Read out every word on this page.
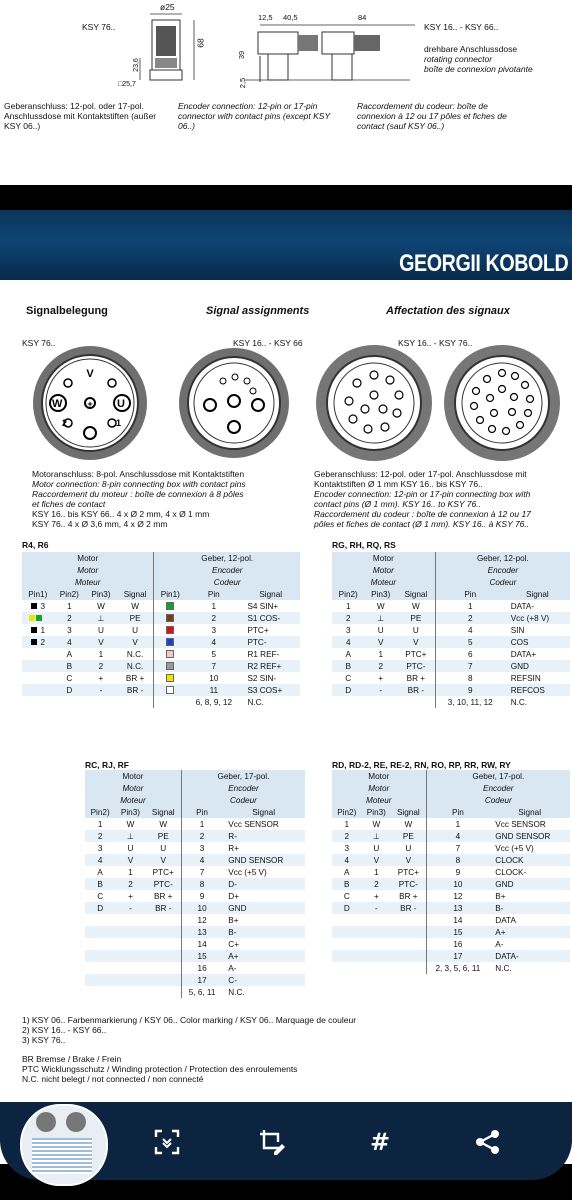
KSY 76..
ø25
68
23,6
□25,7
12,5 40,5	84
39
2,5
KSY 16.. - KSY 66..
drehbare Anschlussdose
rotating connector
boîte de connexion pivotante
Geberanschluss: 12-pol. oder 17-pol. Anschlussdose mit Kontaktstiften (außer KSY 06..)
Encoder connection: 12-pin or 17-pin connector with contact pins (except KSY 06..)
Raccordement du codeur: boîte de connexion à 12 ou 17 pôles et fiches de contact (sauf KSY 06..)
GEORGII KOBOLD
Signalbelegung	Signal assignments	Affectation des signaux
KSY 76..	KSY 16.. - KSY 66	KSY 16.. - KSY 76..
V
W	U
+
2	1
Motoranschluss: 8-pol. Anschlussdose mit Kontaktstiften
Motor connection: 8-pin connecting box with contact pins
Raccordement du moteur : boîte de connexion à 8 pôles
et fiches de contact
KSY 16.. bis KSY 66.. 4 x Ø 2 mm, 4 x Ø 1 mm
KSY 76.. 4 x Ø 3,6 mm, 4 x Ø 2 mm
Geberanschluss: 12-pol. oder 17-pol. Anschlussdose mit
Kontaktstiften Ø 1 mm KSY 16.. bis KSY 76..
Encoder connection: 12-pin or 17-pin connecting box with
contact pins (Ø 1 mm). KSY 16.. to KSY 76..
Raccordement du codeur : boîte de connexion à 12 ou 17
pôles et fiches de contact (Ø 1 mm). KSY 16.. à KSY 76..
R4, R6
Motor				Geber, 12-pol.		
Motor				Encoder		
Moteur				Codeur		
Pin1)	Pin2)	Pin3)	Signal	Pin1)	Pin	Signal
3	1	W	W		1	S4 SIN+
	2	⊥	PE		2	S1 COS-
1	3	U	U		3	PTC+
2	4	V	V		4	PTC-
	A	1	N.C.		5	R1 REF-
	B	2	N.C.		7	R2 REF+
	C	+	BR +		10	S2 SIN-
	D	-	BR -		11	S3 COS+
					6, 8, 9, 12	N.C.
RG, RH, RQ, RS
Motor			Geber, 12-pol.	
Motor			Encoder	
Moteur			Codeur	
Pin2)	Pin3)	Signal	Pin	Signal
1	W	W	1	DATA-
2	⊥	PE	2	Vcc (+8 V)
3	U	U	4	SIN
4	V	V	5	COS
A	1	PTC+	6	DATA+
B	2	PTC-	7	GND
C	+	BR +	8	REFSIN
D	-	BR -	9	REFCOS
			3, 10, 11, 12	N.C.
RC, RJ, RF
Motor			Geber, 17-pol.	
Motor			Encoder	
Moteur			Codeur	
Pin2)	Pin3)	Signal	Pin	Signal
1	W	W	1	Vcc SENSOR
2	⊥	PE	2	R-
3	U	U	3	R+
4	V	V	4	GND SENSOR
A	1	PTC+	7	Vcc (+5 V)
B	2	PTC-	8	D-
C	+	BR +	9	D+
D	-	BR -	10	GND
			12	B+
			13	B-
			14	C+
			15	A+
			16	A-
			17	C-
			5, 6, 11	N.C.
RD, RD-2, RE, RE-2, RN, RO, RP, RR, RW, RY
Motor			Geber, 17-pol.	
Motor			Encoder	
Moteur			Codeur	
Pin2)	Pin3)	Signal	Pin	Signal
1	W	W	1	Vcc SENSOR
2	⊥	PE	4	GND SENSOR
3	U	U	7	Vcc (+5 V)
4	V	V	8	CLOCK
A	1	PTC+	9	CLOCK-
B	2	PTC-	10	GND
C	+	BR +	12	B+
D	-	BR -	13	B-
			14	DATA
			15	A+
			16	A-
			17	DATA-
			2, 3, 5, 6, 11	N.C.
1) KSY 06.. Farbenmarkierung / KSY 06.. Color marking / KSY 06.. Marquage de couleur
2) KSY 16.. - KSY 66..
3) KSY 76..
BR Bremse / Brake / Frein
PTC Wicklungsschutz / Winding protection / Protection des enroulements
N.C. nicht belegt / not connected / non connecté
#
